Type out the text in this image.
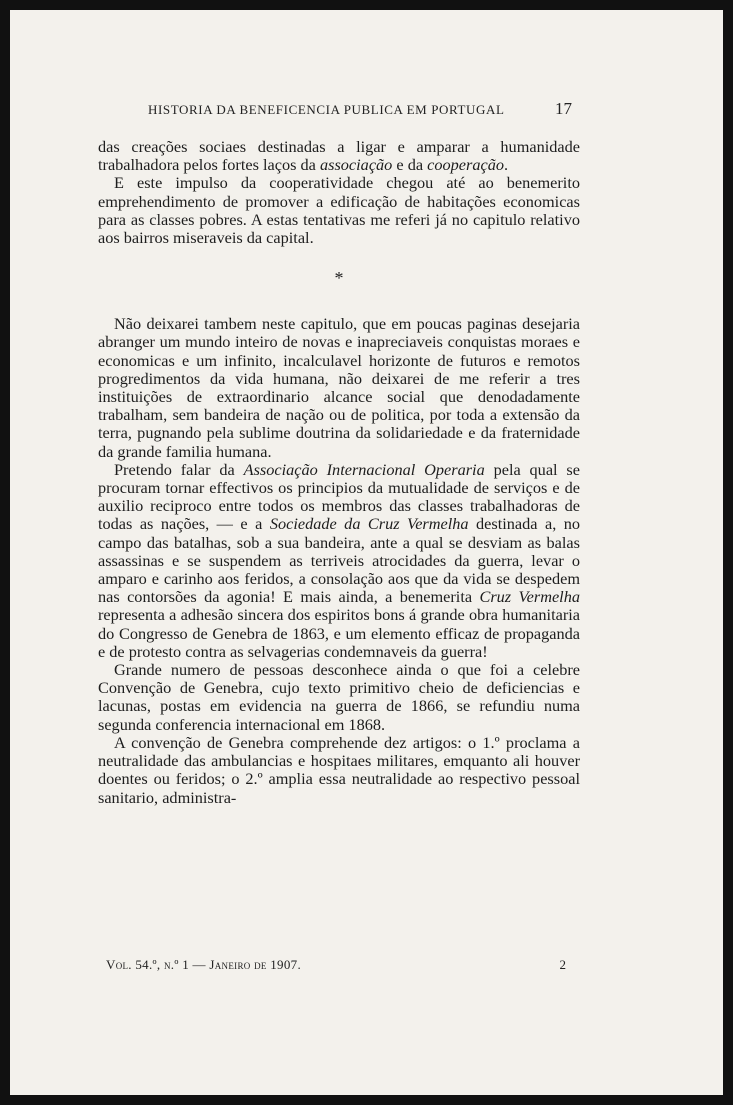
HISTORIA DA BENEFICENCIA PUBLICA EM PORTUGAL	17

das creações sociaes destinadas a ligar e amparar a humanidade trabalhadora pelos fortes laços da associação e da cooperação.

E este impulso da cooperatividade chegou até ao benemerito emprehendimento de promover a edificação de habitações economicas para as classes pobres. A estas tentativas me referi já no capitulo relativo aos bairros miseraveis da capital.

*

Não deixarei tambem neste capitulo, que em poucas paginas desejaria abranger um mundo inteiro de novas e inapreciaveis conquistas moraes e economicas e um infinito, incalculavel horizonte de futuros e remotos progredimentos da vida humana, não deixarei de me referir a tres instituições de extraordinario alcance social que denodadamente trabalham, sem bandeira de nação ou de politica, por toda a extensão da terra, pugnando pela sublime doutrina da solidariedade e da fraternidade da grande familia humana.

Pretendo falar da Associação Internacional Operaria pela qual se procuram tornar effectivos os principios da mutualidade de serviços e de auxilio reciproco entre todos os membros das classes trabalhadoras de todas as nações, — e a Sociedade da Cruz Vermelha destinada a, no campo das batalhas, sob a sua bandeira, ante a qual se desviam as balas assassinas e se suspendem as terriveis atrocidades da guerra, levar o amparo e carinho aos feridos, a consolação aos que da vida se despedem nas contorsões da agonia! E mais ainda, a benemerita Cruz Vermelha representa a adhesão sincera dos espiritos bons á grande obra humanitaria do Congresso de Genebra de 1863, e um elemento efficaz de propaganda e de protesto contra as selvagerias condemnaveis da guerra!

Grande numero de pessoas desconhece ainda o que foi a celebre Convenção de Genebra, cujo texto primitivo cheio de deficiencias e lacunas, postas em evidencia na guerra de 1866, se refundiu numa segunda conferencia internacional em 1868.

A convenção de Genebra comprehende dez artigos: o 1.º proclama a neutralidade das ambulancias e hospitaes militares, emquanto ali houver doentes ou feridos; o 2.º amplia essa neutralidade ao respectivo pessoal sanitario, administra-

Vol. 54.º, n.º 1 — Janeiro de 1907.	2
